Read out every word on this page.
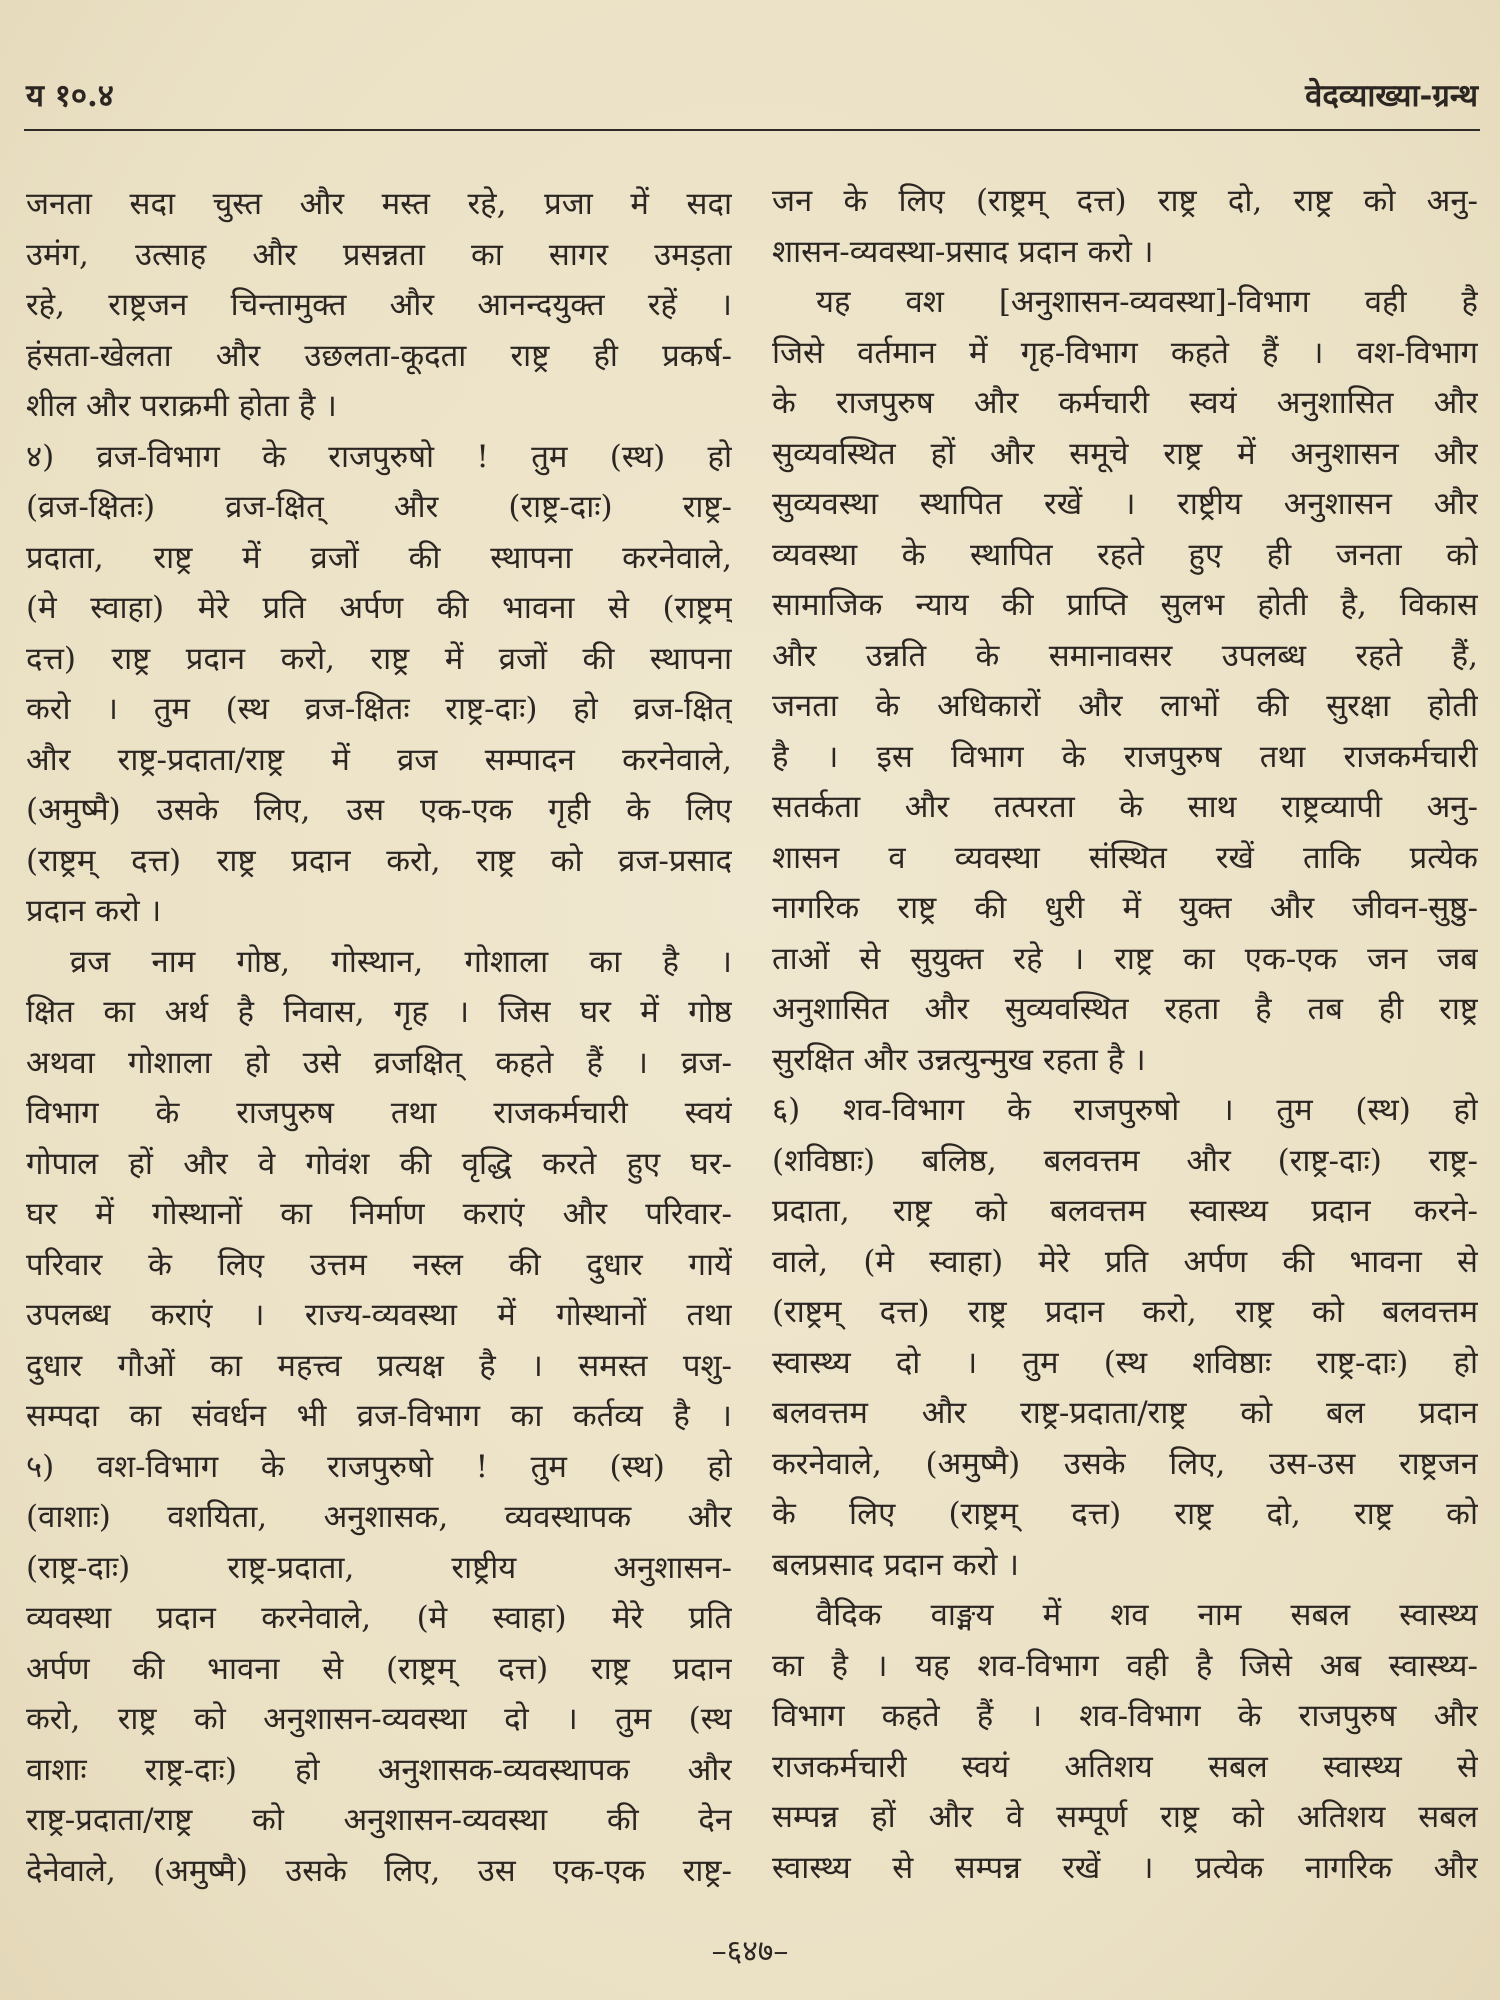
य १०.४	वेदव्याख्या-ग्रन्थ
जनता सदा चुस्त और मस्त रहे, प्रजा में सदा
उमंग, उत्साह और प्रसन्नता का सागर उमड़ता
रहे, राष्ट्रजन चिन्तामुक्त और आनन्दयुक्त रहें ।
हंसता-खेलता और उछलता-कूदता राष्ट्र ही प्रकर्ष-
शील और पराक्रमी होता है ।
४) व्रज-विभाग के राजपुरुषो ! तुम (स्थ) हो
(व्रज-क्षितः) व्रज-क्षित् और (राष्ट्र-दाः) राष्ट्र-
प्रदाता, राष्ट्र में व्रजों की स्थापना करनेवाले,
(मे स्वाहा) मेरे प्रति अर्पण की भावना से (राष्ट्रम्
दत्त) राष्ट्र प्रदान करो, राष्ट्र में व्रजों की स्थापना
करो । तुम (स्थ व्रज-क्षितः राष्ट्र-दाः) हो व्रज-क्षित्
और राष्ट्र-प्रदाता/राष्ट्र में व्रज सम्पादन करनेवाले,
(अमुष्मै) उसके लिए, उस एक-एक गृही के लिए
(राष्ट्रम् दत्त) राष्ट्र प्रदान करो, राष्ट्र को व्रज-प्रसाद
प्रदान करो ।
व्रज नाम गोष्ठ, गोस्थान, गोशाला का है ।
क्षित का अर्थ है निवास, गृह । जिस घर में गोष्ठ
अथवा गोशाला हो उसे व्रजक्षित् कहते हैं । व्रज-
विभाग के राजपुरुष तथा राजकर्मचारी स्वयं
गोपाल हों और वे गोवंश की वृद्धि करते हुए घर-
घर में गोस्थानों का निर्माण कराएं और परिवार-
परिवार के लिए उत्तम नस्ल की दुधार गायें
उपलब्ध कराएं । राज्य-व्यवस्था में गोस्थानों तथा
दुधार गौओं का महत्त्व प्रत्यक्ष है । समस्त पशु-
सम्पदा का संवर्धन भी व्रज-विभाग का कर्तव्य है ।
५) वश-विभाग के राजपुरुषो ! तुम (स्थ) हो
(वाशाः) वशयिता, अनुशासक, व्यवस्थापक और
(राष्ट्र-दाः) राष्ट्र-प्रदाता, राष्ट्रीय अनुशासन-
व्यवस्था प्रदान करनेवाले, (मे स्वाहा) मेरे प्रति
अर्पण की भावना से (राष्ट्रम् दत्त) राष्ट्र प्रदान
करो, राष्ट्र को अनुशासन-व्यवस्था दो । तुम (स्थ
वाशाः राष्ट्र-दाः) हो अनुशासक-व्यवस्थापक और
राष्ट्र-प्रदाता/राष्ट्र को अनुशासन-व्यवस्था की देन
देनेवाले, (अमुष्मै) उसके लिए, उस एक-एक राष्ट्र-
जन के लिए (राष्ट्रम् दत्त) राष्ट्र दो, राष्ट्र को अनु-
शासन-व्यवस्था-प्रसाद प्रदान करो ।
यह वश [अनुशासन-व्यवस्था]-विभाग वही है
जिसे वर्तमान में गृह-विभाग कहते हैं । वश-विभाग
के राजपुरुष और कर्मचारी स्वयं अनुशासित और
सुव्यवस्थित हों और समूचे राष्ट्र में अनुशासन और
सुव्यवस्था स्थापित रखें । राष्ट्रीय अनुशासन और
व्यवस्था के स्थापित रहते हुए ही जनता को
सामाजिक न्याय की प्राप्ति सुलभ होती है, विकास
और उन्नति के समानावसर उपलब्ध रहते हैं,
जनता के अधिकारों और लाभों की सुरक्षा होती
है । इस विभाग के राजपुरुष तथा राजकर्मचारी
सतर्कता और तत्परता के साथ राष्ट्रव्यापी अनु-
शासन व व्यवस्था संस्थित रखें ताकि प्रत्येक
नागरिक राष्ट्र की धुरी में युक्त और जीवन-सुष्ठु-
ताओं से सुयुक्त रहे । राष्ट्र का एक-एक जन जब
अनुशासित और सुव्यवस्थित रहता है तब ही राष्ट्र
सुरक्षित और उन्नत्युन्मुख रहता है ।
६) शव-विभाग के राजपुरुषो । तुम (स्थ) हो
(शविष्ठाः) बलिष्ठ, बलवत्तम और (राष्ट्र-दाः) राष्ट्र-
प्रदाता, राष्ट्र को बलवत्तम स्वास्थ्य प्रदान करने-
वाले, (मे स्वाहा) मेरे प्रति अर्पण की भावना से
(राष्ट्रम् दत्त) राष्ट्र प्रदान करो, राष्ट्र को बलवत्तम
स्वास्थ्य दो । तुम (स्थ शविष्ठाः राष्ट्र-दाः) हो
बलवत्तम और राष्ट्र-प्रदाता/राष्ट्र को बल प्रदान
करनेवाले, (अमुष्मै) उसके लिए, उस-उस राष्ट्रजन
के लिए (राष्ट्रम् दत्त) राष्ट्र दो, राष्ट्र को
बलप्रसाद प्रदान करो ।
वैदिक वाङ्मय में शव नाम सबल स्वास्थ्य
का है । यह शव-विभाग वही है जिसे अब स्वास्थ्य-
विभाग कहते हैं । शव-विभाग के राजपुरुष और
राजकर्मचारी स्वयं अतिशय सबल स्वास्थ्य से
सम्पन्न हों और वे सम्पूर्ण राष्ट्र को अतिशय सबल
स्वास्थ्य से सम्पन्न रखें । प्रत्येक नागरिक और
–६४७–
